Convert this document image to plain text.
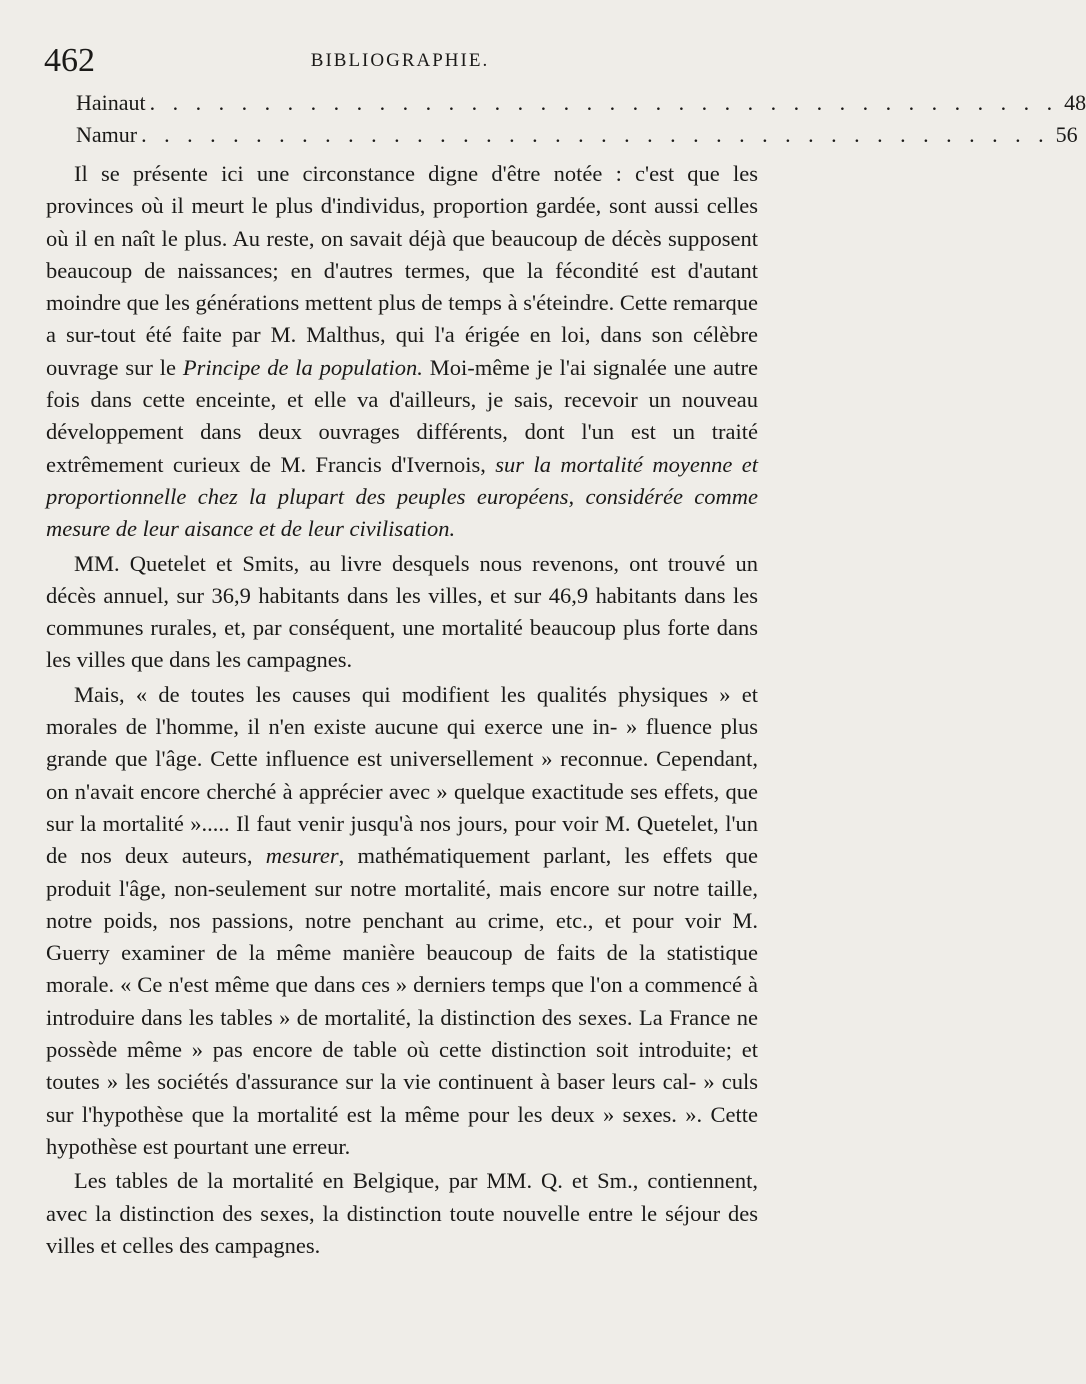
462	BIBLIOGRAPHIE.
Hainaut . . . . . . . . . . . . . . . . . . . . . . . . . . . . . . . . . . . . . . . . 48
Namur . . . . . . . . . . . . . . . . . . . . . . . . . . . . . . . . . . . . . . . . 56

Il se présente ici une circonstance digne d'être notée : c'est que les provinces où il meurt le plus d'individus, proportion gardée, sont aussi celles où il en naît le plus. Au reste, on savait déjà que beaucoup de décès supposent beaucoup de naissances; en d'autres termes, que la fécondité est d'autant moindre que les générations mettent plus de temps à s'éteindre. Cette remarque a sur-tout été faite par M. Malthus, qui l'a érigée en loi, dans son célèbre ouvrage sur le Principe de la population. Moi-même je l'ai signalée une autre fois dans cette enceinte, et elle va d'ailleurs, je sais, recevoir un nouveau développement dans deux ouvrages différents, dont l'un est un traité extrêmement curieux de M. Francis d'Ivernois, sur la mortalité moyenne et proportionnelle chez la plupart des peuples européens, considérée comme mesure de leur aisance et de leur civilisation.

MM. Quetelet et Smits, au livre desquels nous revenons, ont trouvé un décès annuel, sur 36,9 habitants dans les villes, et sur 46,9 habitants dans les communes rurales, et, par conséquent, une mortalité beaucoup plus forte dans les villes que dans les campagnes.

Mais, « de toutes les causes qui modifient les qualités physiques » et morales de l'homme, il n'en existe aucune qui exerce une in- » fluence plus grande que l'âge. Cette influence est universellement » reconnue. Cependant, on n'avait encore cherché à apprécier avec » quelque exactitude ses effets, que sur la mortalité »..... Il faut venir jusqu'à nos jours, pour voir M. Quetelet, l'un de nos deux auteurs, mesurer, mathématiquement parlant, les effets que produit l'âge, non-seulement sur notre mortalité, mais encore sur notre taille, notre poids, nos passions, notre penchant au crime, etc., et pour voir M. Guerry examiner de la même manière beaucoup de faits de la statistique morale. « Ce n'est même que dans ces » derniers temps que l'on a commencé à introduire dans les tables » de mortalité, la distinction des sexes. La France ne possède même » pas encore de table où cette distinction soit introduite; et toutes » les sociétés d'assurance sur la vie continuent à baser leurs cal- » culs sur l'hypothèse que la mortalité est la même pour les deux » sexes. ». Cette hypothèse est pourtant une erreur.

Les tables de la mortalité en Belgique, par MM. Q. et Sm., contiennent, avec la distinction des sexes, la distinction toute nouvelle entre le séjour des villes et celles des campagnes.
